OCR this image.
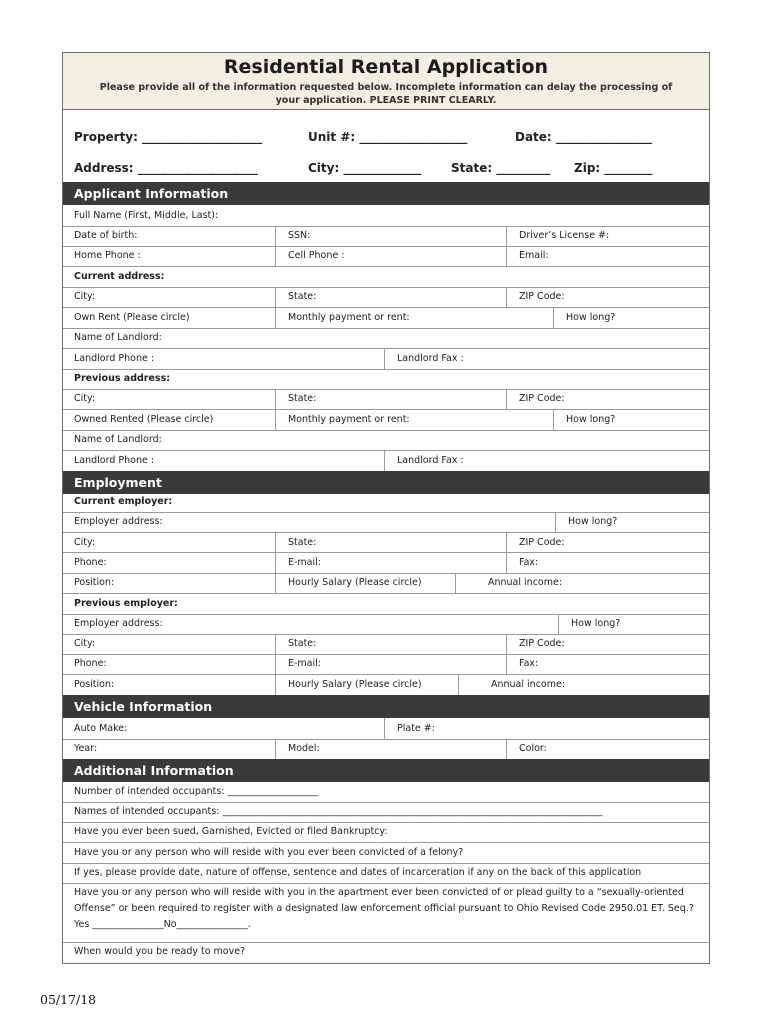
Residential Rental Application
Please provide all of the information requested below. Incomplete information can delay the processing of
your application. PLEASE PRINT CLEARLY.
Property: ____________________	Unit #: __________________	Date: ________________
Address: ____________________	City: _____________ State: _________ Zip: ________
Applicant Information
Full Name (First, Middle, Last):
Date of birth:	SSN:	Driver’s License #:
Home Phone :	Cell Phone :	Email:
Current address:
City:	State:	ZIP Code:
Own Rent (Please circle)	Monthly payment or rent:	How long?
Name of Landlord:
Landlord Phone :	Landlord Fax :
Previous address:
City:	State:	ZIP Code:
Owned Rented (Please circle)	Monthly payment or rent:	How long?
Name of Landlord:
Landlord Phone :	Landlord Fax :
Employment
Current employer:
Employer address:	How long?
City:	State:	ZIP Code:
Phone:	E-mail:	Fax:
Position:	Hourly Salary (Please circle)	Annual income:
Previous employer:
Employer address:	How long?
City:	State:	ZIP Code:
Phone:	E-mail:	Fax:
Position:	Hourly Salary (Please circle)	Annual income:
Vehicle Information
Auto Make:	Plate #:
Year:	Model:	Color:
Additional Information
Number of intended occupants: ___________________
Names of intended occupants: ________________________________________________________________________________
Have you ever been sued, Garnished, Evicted or filed Bankruptcy:
Have you or any person who will reside with you ever been convicted of a felony?
If yes, please provide date, nature of offense, sentence and dates of incarceration if any on the back of this application
Have you or any person who will reside with you in the apartment ever been convicted of or plead guilty to a “sexually-oriented
Offense” or been required to register with a designated law enforcement official pursuant to Ohio Revised Code 2950.01 ET. Seq.?
Yes _______________No_______________.
When would you be ready to move?
05/17/18
